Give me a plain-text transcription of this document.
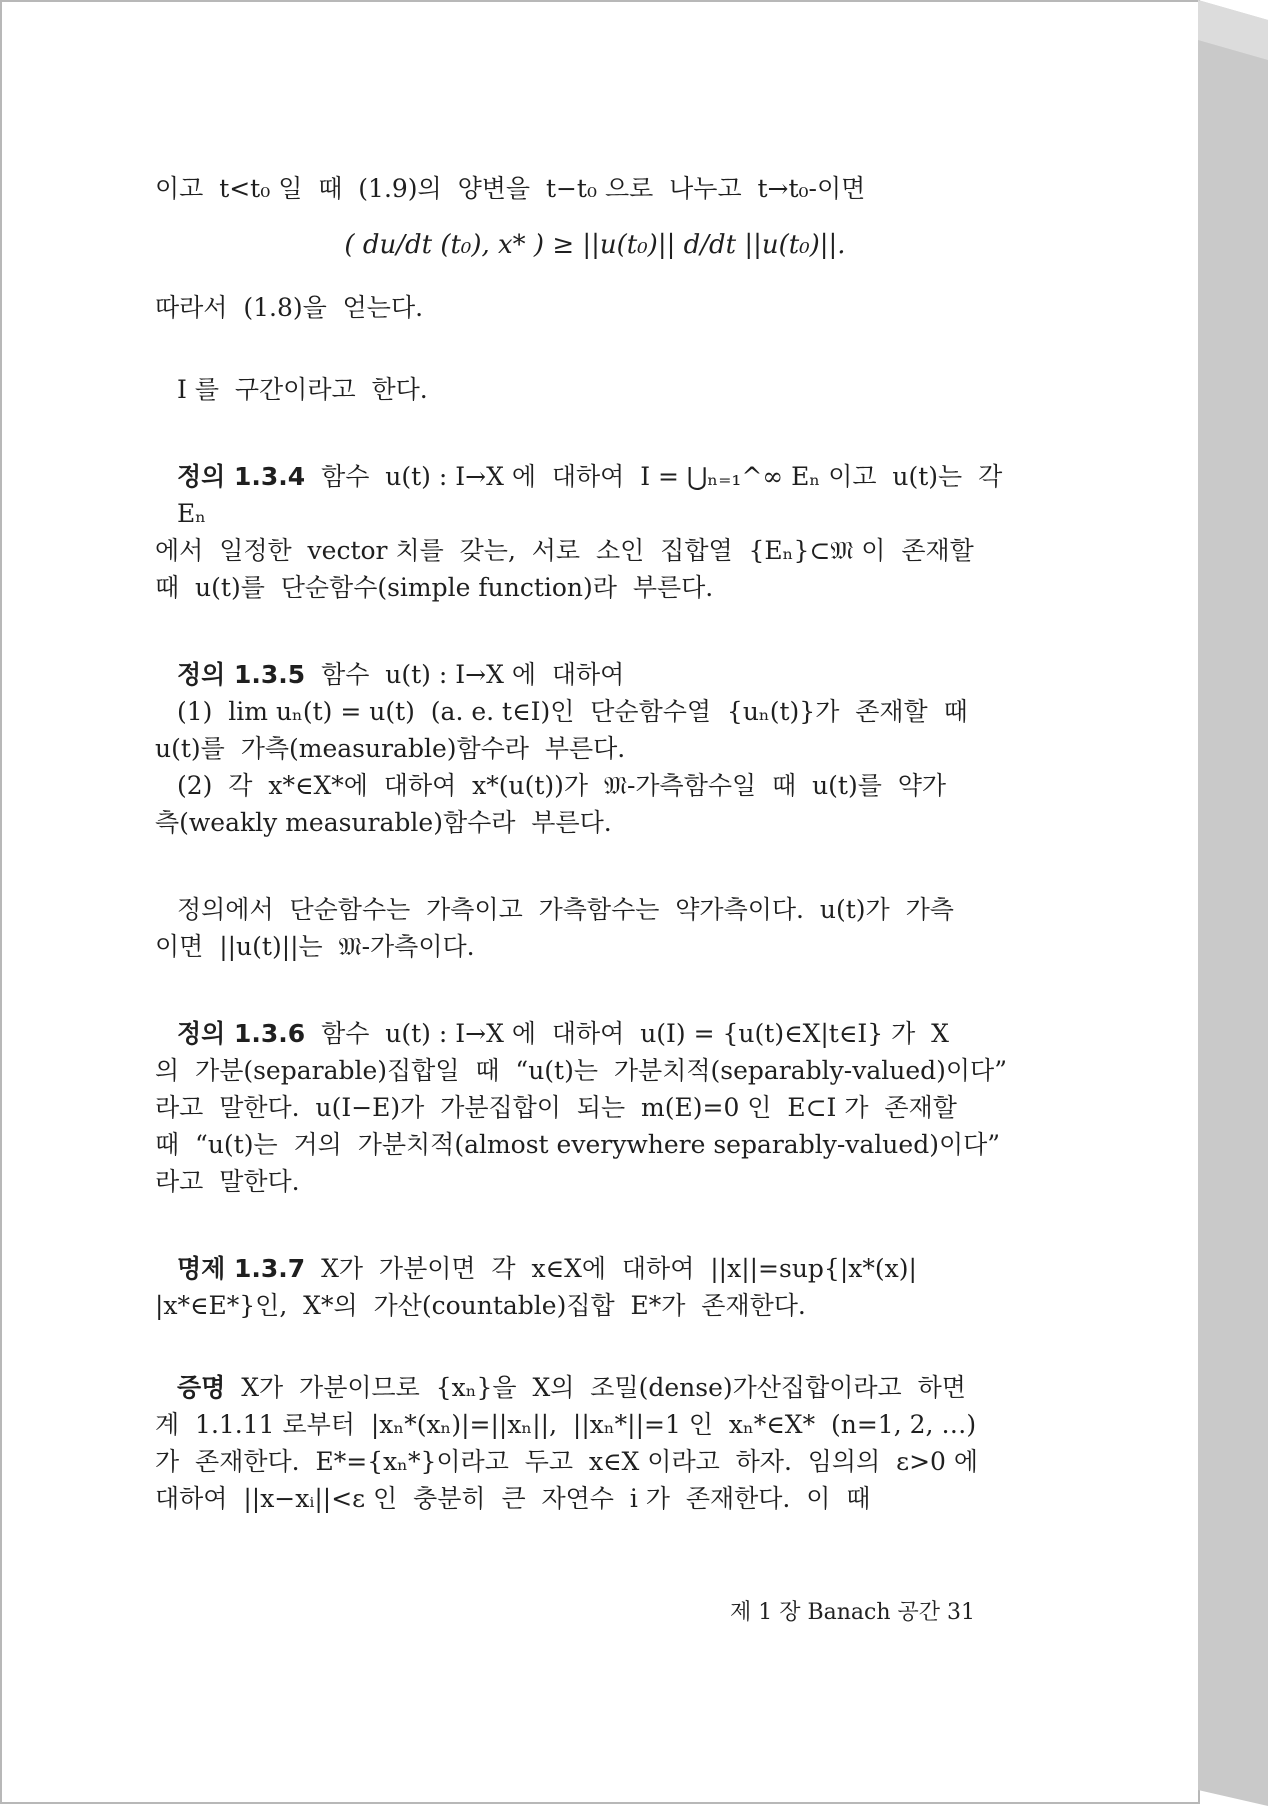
이고  t<t₀ 일  때  (1.9)의  양변을  t−t₀ 으로  나누고  t→t₀-이면

( du/dt (t₀), x* ) ≥ ||u(t₀)|| d/dt ||u(t₀)||.

따라서  (1.8)을  얻는다.

I 를  구간이라고  한다.

정의 1.3.4  함수  u(t) : I→X 에  대하여  I = ⋃ₙ₌₁^∞ Eₙ 이고  u(t)는  각  Eₙ

에서  일정한  vector 치를  갖는,  서로  소인  집합열  {Eₙ}⊂𝔐 이  존재할

때  u(t)를  단순함수(simple function)라  부른다.

정의 1.3.5  함수  u(t) : I→X 에  대하여

(1)  lim uₙ(t) = u(t)  (a. e. t∈I)인  단순함수열  {uₙ(t)}가  존재할  때

u(t)를  가측(measurable)함수라  부른다.

(2)  각  x*∈X*에  대하여  x*(u(t))가  𝔐-가측함수일  때  u(t)를  약가

측(weakly measurable)함수라  부른다.

정의에서  단순함수는  가측이고  가측함수는  약가측이다.  u(t)가  가측

이면  ||u(t)||는  𝔐-가측이다.

정의 1.3.6  함수  u(t) : I→X 에  대하여  u(I) = {u(t)∈X|t∈I} 가  X

의  가분(separable)집합일  때  “u(t)는  가분치적(separably-valued)이다”

라고  말한다.  u(I−E)가  가분집합이  되는  m(E)=0 인  E⊂I 가  존재할

때  “u(t)는  거의  가분치적(almost everywhere separably-valued)이다”

라고  말한다.

명제 1.3.7  X가  가분이면  각  x∈X에  대하여  ||x||=sup{|x*(x)|

|x*∈E*}인,  X*의  가산(countable)집합  E*가  존재한다.

증명  X가  가분이므로  {xₙ}을  X의  조밀(dense)가산집합이라고  하면

계  1.1.11 로부터  |xₙ*(xₙ)|=||xₙ||,  ||xₙ*||=1 인  xₙ*∈X*  (n=1, 2, …)

가  존재한다.  E*={xₙ*}이라고  두고  x∈X 이라고  하자.  임의의  ε>0 에

대하여  ||x−xᵢ||<ε 인  충분히  큰  자연수  i 가  존재한다.  이  때

제 1 장 Banach 공간 31
